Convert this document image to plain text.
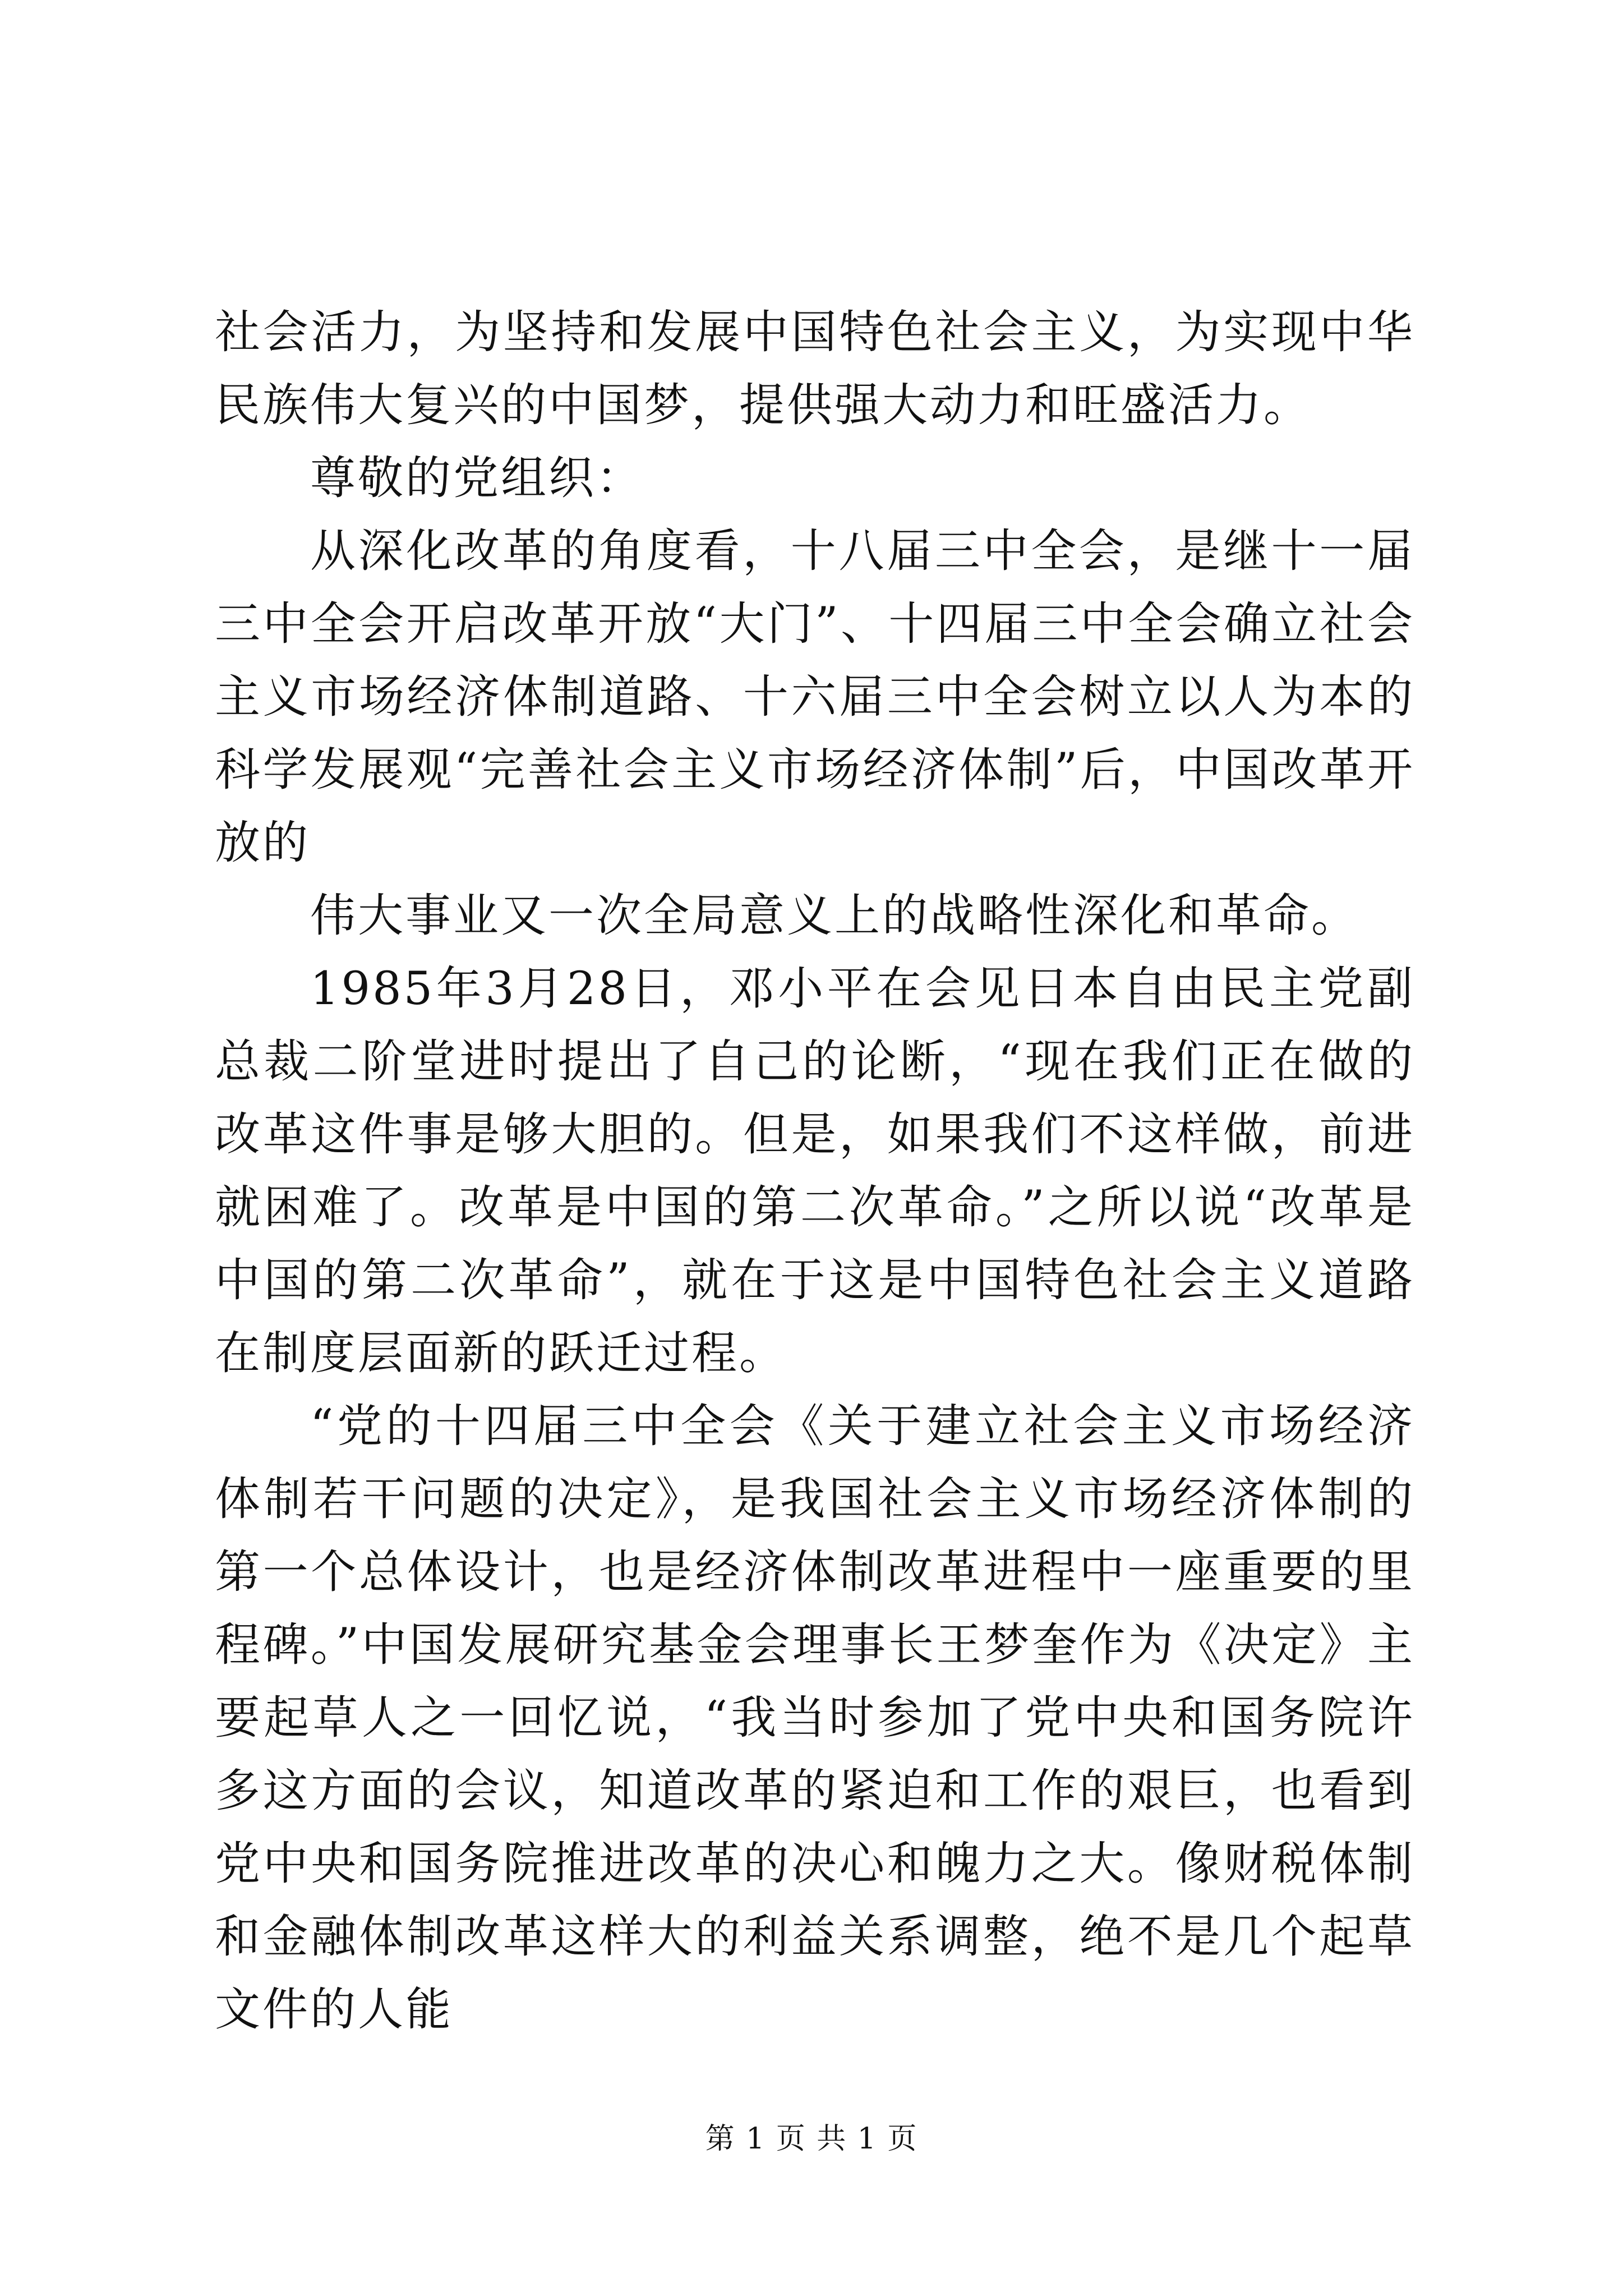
社会活力，为坚持和发展中国特色社会主义，为实现中华民族伟大复兴的中国梦，提供强大动力和旺盛活力。

尊敬的党组织：

从深化改革的角度看，十八届三中全会，是继十一届三中全会开启改革开放“大门”、十四届三中全会确立社会主义市场经济体制道路、十六届三中全会树立以人为本的科学发展观“完善社会主义市场经济体制”后，中国改革开放的

伟大事业又一次全局意义上的战略性深化和革命。

1985年3月28日，邓小平在会见日本自由民主党副总裁二阶堂进时提出了自己的论断，“现在我们正在做的改革这件事是够大胆的。但是，如果我们不这样做，前进就困难了。改革是中国的第二次革命。”之所以说“改革是中国的第二次革命”，就在于这是中国特色社会主义道路在制度层面新的跃迁过程。

“党的十四届三中全会《关于建立社会主义市场经济体制若干问题的决定》，是我国社会主义市场经济体制的第一个总体设计，也是经济体制改革进程中一座重要的里程碑。”中国发展研究基金会理事长王梦奎作为《决定》主要起草人之一回忆说，“我当时参加了党中央和国务院许多这方面的会议，知道改革的紧迫和工作的艰巨，也看到党中央和国务院推进改革的决心和魄力之大。像财税体制和金融体制改革这样大的利益关系调整，绝不是几个起草文件的人能

第 1 页 共 1 页
